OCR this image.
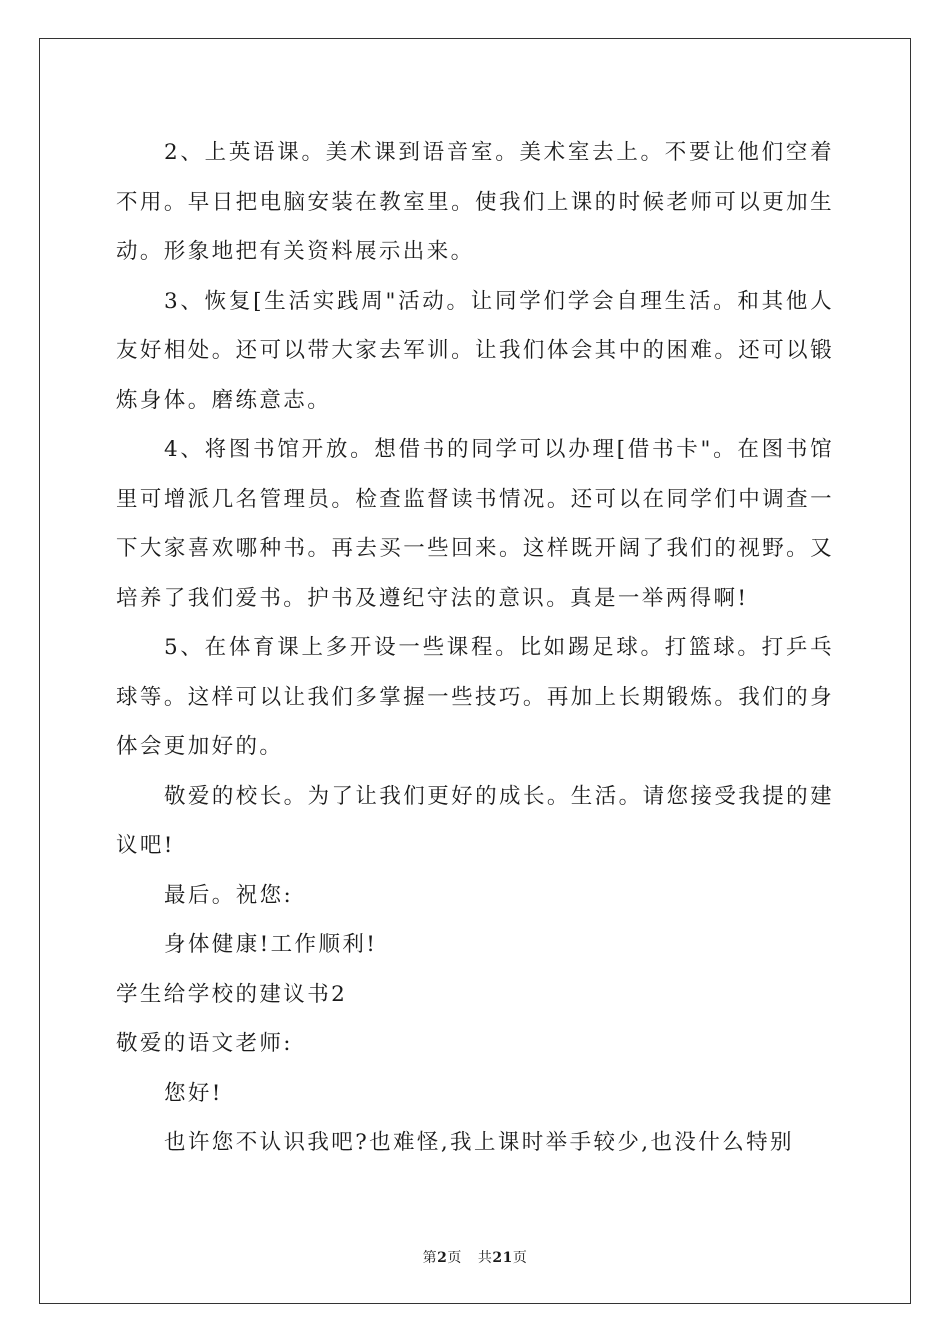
2、上英语课。美术课到语音室。美术室去上。不要让他们空着不用。早日把电脑安装在教室里。使我们上课的时候老师可以更加生动。形象地把有关资料展示出来。

3、恢复[生活实践周"活动。让同学们学会自理生活。和其他人友好相处。还可以带大家去军训。让我们体会其中的困难。还可以锻炼身体。磨练意志。

4、将图书馆开放。想借书的同学可以办理[借书卡"。在图书馆里可增派几名管理员。检查监督读书情况。还可以在同学们中调查一下大家喜欢哪种书。再去买一些回来。这样既开阔了我们的视野。又培养了我们爱书。护书及遵纪守法的意识。真是一举两得啊!

5、在体育课上多开设一些课程。比如踢足球。打篮球。打乒乓球等。这样可以让我们多掌握一些技巧。再加上长期锻炼。我们的身体会更加好的。

敬爱的校长。为了让我们更好的成长。生活。请您接受我提的建议吧!

最后。祝您:

身体健康!工作顺利!

学生给学校的建议书2

敬爱的语文老师:

您好!

也许您不认识我吧?也难怪,我上课时举手较少,也没什么特别

第2页 共21页
